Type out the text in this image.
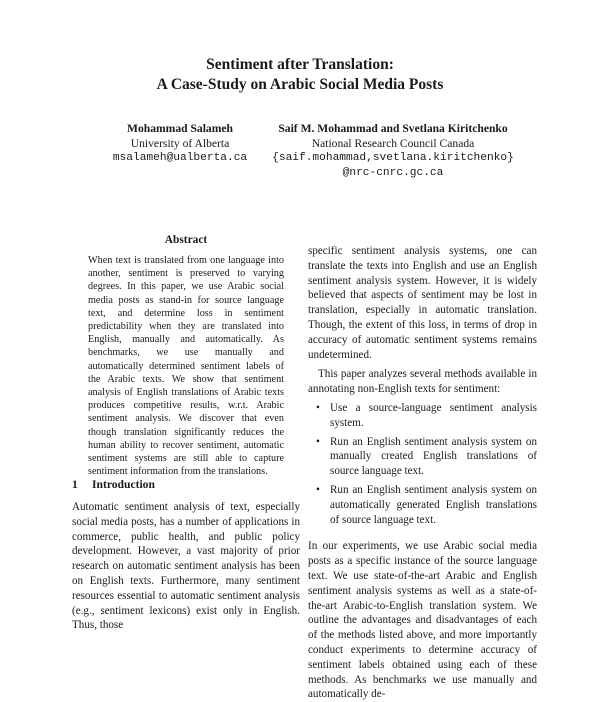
Sentiment after Translation:
A Case-Study on Arabic Social Media Posts
Mohammad Salameh
University of Alberta
msalameh@ualberta.ca
Saif M. Mohammad and Svetlana Kiritchenko
National Research Council Canada
{saif.mohammad,svetlana.kiritchenko}
@nrc-cnrc.gc.ca
Abstract
When text is translated from one language into another, sentiment is preserved to varying degrees. In this paper, we use Arabic social media posts as stand-in for source language text, and determine loss in sentiment predictability when they are translated into English, manually and automatically. As benchmarks, we use manually and automatically determined sentiment labels of the Arabic texts. We show that sentiment analysis of English translations of Arabic texts produces competitive results, w.r.t. Arabic sentiment analysis. We discover that even though translation significantly reduces the human ability to recover sentiment, automatic sentiment systems are still able to capture sentiment information from the translations.
1 Introduction
Automatic sentiment analysis of text, especially social media posts, has a number of applications in commerce, public health, and public policy development. However, a vast majority of prior research on automatic sentiment analysis has been on English texts. Furthermore, many sentiment resources essential to automatic sentiment analysis (e.g., sentiment lexicons) exist only in English. Thus, those

specific sentiment analysis systems, one can translate the texts into English and use an English sentiment analysis system. However, it is widely believed that aspects of sentiment may be lost in translation, especially in automatic translation. Though, the extent of this loss, in terms of drop in accuracy of automatic sentiment systems remains undetermined.

This paper analyzes several methods available in annotating non-English texts for sentiment:

• Use a source-language sentiment analysis system.
• Run an English sentiment analysis system on manually created English translations of source language text.
• Run an English sentiment analysis system on automatically generated English translations of source language text.

In our experiments, we use Arabic social media posts as a specific instance of the source language text. We use state-of-the-art Arabic and English sentiment analysis systems as well as a state-of-the-art Arabic-to-English translation system. We outline the advantages and disadvantages of each of the methods listed above, and more importantly conduct experiments to determine accuracy of sentiment labels obtained using each of these methods. As benchmarks we use manually and automatically de-
